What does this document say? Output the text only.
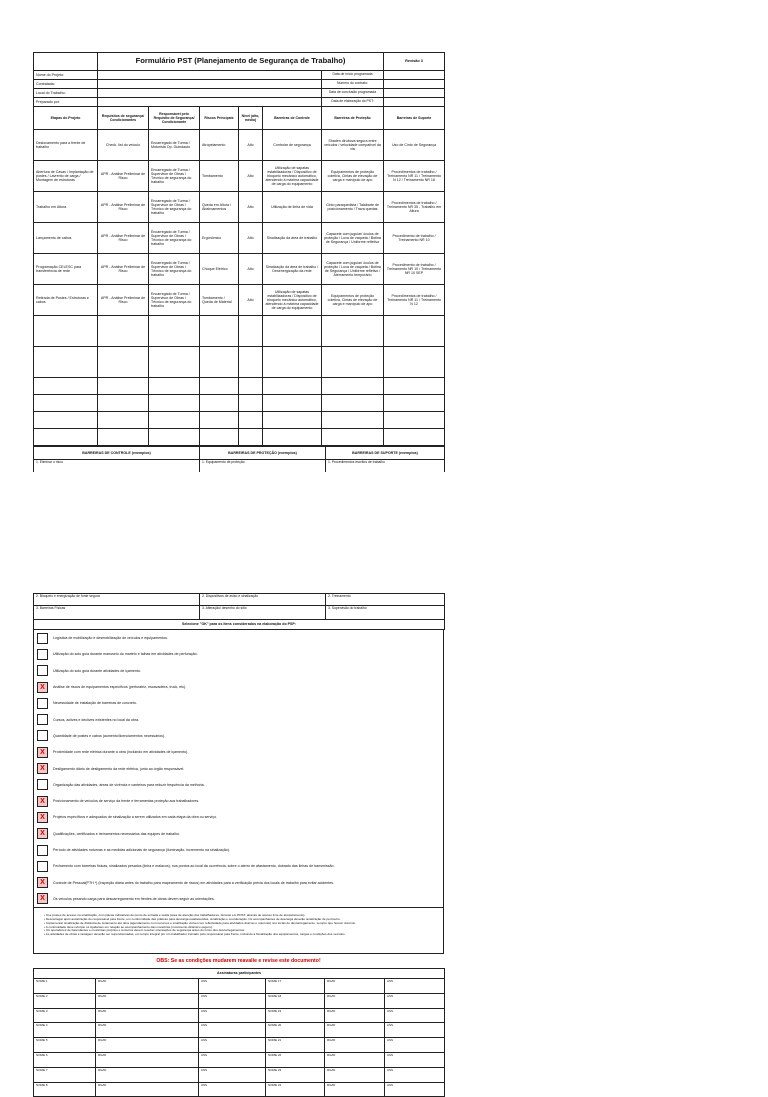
	Formulário PST (Planejamento de Segurança de Trabalho)						Revisão 3
Nome do Projeto:						Data de início programada	
Contratada:						Número do contrato:	
Local do Trabalho:						Data de conclusão programada	
Preparado por:						Data de elaboração do PST:	
Etapas do Projeto	Requisitos de segurança/ Condicionantes	Responsável pelo Requisito de Segurança/ Condicionante	Riscos Principais	Nível (alto, médio)	Barreiras de Controle	Barreiras de Proteção	Barreiras de Suporte
Deslocamento para a frente de trabalho	Check- list do veículo	Encarregado de Turma / Motorista Op. Guindauto	Atropelamento	Alto	Controlar de segurança	Shaden dirubova segura entre veículos / velocidade compatível da via	Uso de Cinto de Segurança
Abertura de Cavas / Implantação de postes / Lavrento de carga / Montagem de estruturas	APR - Análise Preliminar de Risco	Encarregado de Turma / Supervisor de Obras / Técnico de segurança do trabalho	Tombamento	Alto	Utilização de sapatas estabilizadoras / Dispositivo de bloqueio mecânico automático, atendendo à máxima capacidade de carga do equipamento	Equipamentos de proteção coletiva, Cintas de elevação de carga e manípulo de apo	Procedimentos de trabalho / Treinamento NR 11 / Treinamento N 12 / Treinamento NR 18
Trabalho em Altura	APR - Análise Preliminar de Risco	Encarregado de Turma / Supervisor de Obras / Técnico de segurança do trabalho	Queda em Altura / Abalroamentos	Alto	Utilização de linha de vida	Cinto paraquedista / Talabarte de posicionamento / Trava quedas	Procedimentos de trabalho / Treinamento NR 35 - Trabalho em Altura
Lançamento de cabos	APR - Análise Preliminar de Risco	Encarregado de Turma / Supervisor de Obras / Técnico de segurança do trabalho	Ergonômico	Alto	Sinalização da área de trabalho	Capacete com jugular/ óculos de proteção / Luva de vaqueta / Botina de Segurança / Uniforme refletivo	Procedimento de trabalho / Treinamento NR 10
Programação CELESC para transferência de rede	APR - Análise Preliminar de Risco	Encarregado de Turma / Supervisor de Obras / Técnico de segurança do trabalho	Choque Elétrico	Alto	Sinalização da área de trabalho / Desenergização da rede	Capacete com jugular/ óculos de proteção / Luva de vaqueta / Botina de Segurança / Uniforme refletivo / Aterramento temporário	Procedimento de trabalho / Treinamento NR 10 / Treinamento NR 10 SEP
Retirada de Postes / Estruturas e cabos	APR - Análise Preliminar de Risco	Encarregado de Turma / Supervisor de Obras / Técnico de segurança do trabalho	Tombamento / Queda de Material	Alto	Utilização de sapatas estabilizadoras / Dispositivo de bloqueio mecânico automático, atendendo à máxima capacidade de carga do equipamento	Equipamentos de proteção coletiva, Cintas de elevação de carga e manípulo de apo	Procedimentos de trabalho / Treinamento NR 11 / Treinamento N 12

BARREIRAS DE CONTROLE (exemplos)	BARREIRAS DE PROTEÇÃO (exemplos)	BARREIRAS DE SUPORTE (exemplos)
1. Eliminar o risco	1. Equipamento de proteção	1. Procedimentos escritos de trabalho
2. Bloqueio e energização de fonte segura	2. Dispositivos de aviso e sinalização	2. Treinamento
3. Barreiras Físicas	3. Alteração/ desenho do sítio	3. Supervisão do trabalho
Selecione "OK" para os itens considerados na elaboração do PSP:		
Logística de mobilização e desmobilização de veículos e equipamentos.
Utilização do solo guia durante manuseio do martelo e talhas em atividades de perfuração.
Utilização do solo guia durante atividades de içamento.
X Análise de riscos de equipamentos específicos (perfuratriz, escavadeira, truck, etc).
Necessidade de instalação de barreiras de concreto.
Cursos, aclives e declives existentes no local da obra.
Quantidade de postes e cabos (aumento/licenciamentos necessários).
X Proximidade com rede elétrica durante a obra (incluindo em atividades de içamento).
X Desligamento diário de desligamento da rede elétrica, junto ao órgão responsável.
Organização das atividades, áreas de vivência e canteiros para reduzir frequência da melhoria.
X Posicionamento de veículos de serviço da frente e ferramentas proteção aos trabalhadores.
X Projetos específicos e adequados de sinalização a serem utilizados em cada etapa da obra ou serviço.
X Qualificações, certificados e treinamentos necessários das equipes de trabalho.
Período de atividades noturnas e as medidas adicionais de segurança (iluminação, incremento na sinalização).
Fechamento com barreiras físicas, sinalizados pesados (linha e malacos), nos pontos ao local da ocorrência, sobre o aterro de afastamento, dobrado das linhas de transmissão.
X Controle de Pessoal(PTH *) (Inspeção diária antes do trabalho para mapeamento de riscos) em atividades para a verificação prévia dos locais de trabalho para evitar acidentes.
X Os veículos pesando carga para descarregamento em frentes de obras devem seguir as orientações.
• Use postes de acesso na sinalização, com placas indicativas de ponto de entrada e saída (área de atenção dos trabalhadores, durante em PDST, através de acesso livre de atropelamento).
• Descarregar após autorização do responsável pela frente, em conformidade das práticas para descarga estabelecidas, sinalização e coordenação. Os acompanhantes de descarga deverão sinalização de perímetro.
• Implementar sinalização de distância de isolamento até obra (agendamento com recursos e sinalização visível com refletividade para atividades diurnas e noturnas) nos locais de descarregamento, sempre que houver domínio.
• A continuidade deve reforçar os Ajudantes em relação ao acompanhamento das manobras (movimento dinâmico seguro).
• Os operadores de basculantes e motoristas próprios e terceiros devem receber orientações de segurança antes do início dos descarregamentos.
• As atividades de obras e taxiagem deverão ser supervisionadas, em tempo integral por um trabalhador treinado pelo responsável pela frente, incluindo a fiscalização dos equipamentos, cargas e condições dos veículos.
OBS: Se as condições mudarem reavalie e revise este documento!
Assinaturas participantes					
NOME 1	RG/ID	ASS	NOME 17	RG/ID	ASS
NOME 2	RG/ID	ASS	NOME 18	RG/ID	ASS
NOME 3	RG/ID	ASS	NOME 19	RG/ID	ASS
NOME 4	RG/ID	ASS	NOME 20	RG/ID	ASS
NOME 5	RG/ID	ASS	NOME 21	RG/ID	ASS
NOME 6	RG/ID	ASS	NOME 22	RG/ID	ASS
NOME 7	RG/ID	ASS	NOME 23	RG/ID	ASS
NOME 8	RG/ID	ASS	NOME 24	RG/ID	ASS
